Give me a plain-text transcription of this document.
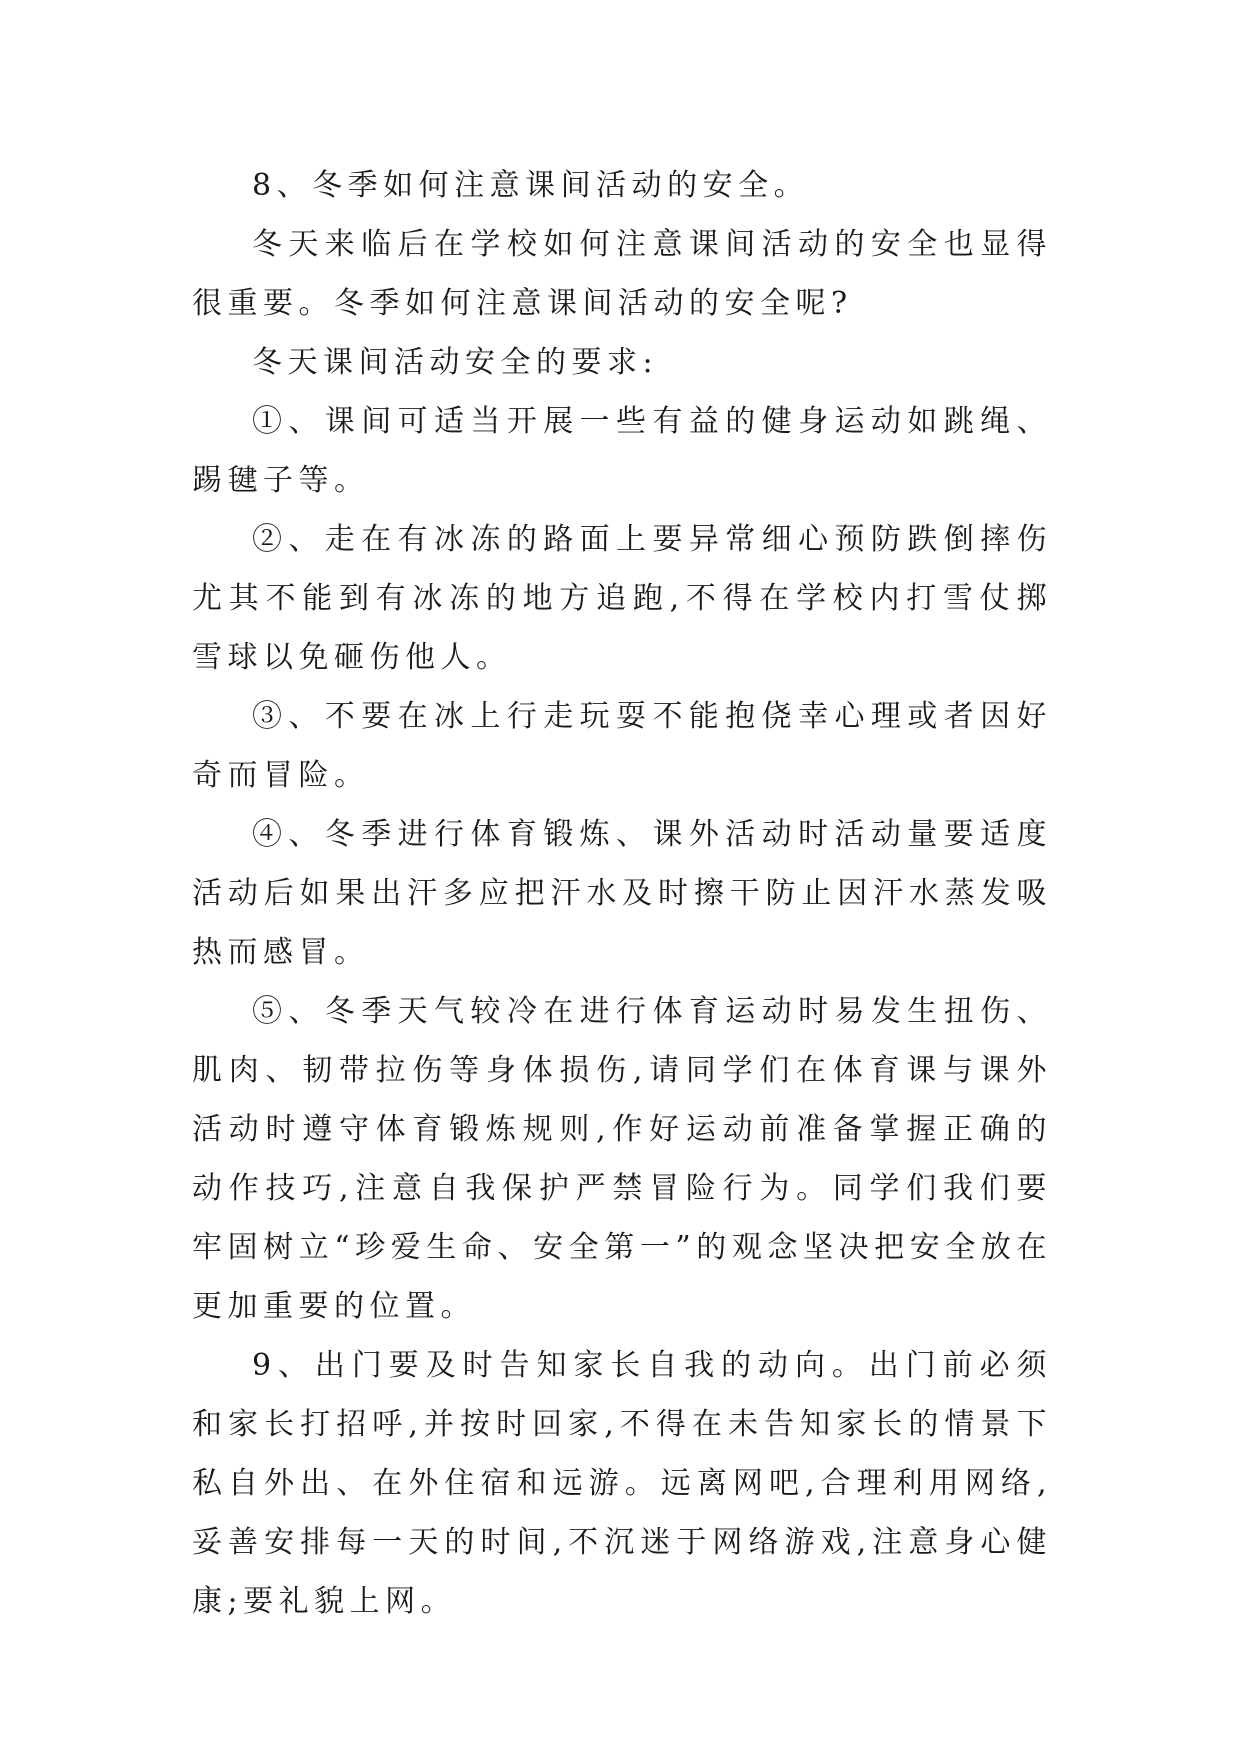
8、冬季如何注意课间活动的安全。

冬天来临后在学校如何注意课间活动的安全也显得很重要。冬季如何注意课间活动的安全呢?

冬天课间活动安全的要求:

①、课间可适当开展一些有益的健身运动如跳绳、踢毽子等。

②、走在有冰冻的路面上要异常细心预防跌倒摔伤尤其不能到有冰冻的地方追跑,不得在学校内打雪仗掷雪球以免砸伤他人。

③、不要在冰上行走玩耍不能抱侥幸心理或者因好奇而冒险。

④、冬季进行体育锻炼、课外活动时活动量要适度活动后如果出汗多应把汗水及时擦干防止因汗水蒸发吸热而感冒。

⑤、冬季天气较冷在进行体育运动时易发生扭伤、肌肉、韧带拉伤等身体损伤,请同学们在体育课与课外活动时遵守体育锻炼规则,作好运动前准备掌握正确的动作技巧,注意自我保护严禁冒险行为。同学们我们要牢固树立“珍爱生命、安全第一”的观念坚决把安全放在更加重要的位置。

9、出门要及时告知家长自我的动向。出门前必须和家长打招呼,并按时回家,不得在未告知家长的情景下私自外出、在外住宿和远游。远离网吧,合理利用网络,妥善安排每一天的时间,不沉迷于网络游戏,注意身心健康;要礼貌上网。
